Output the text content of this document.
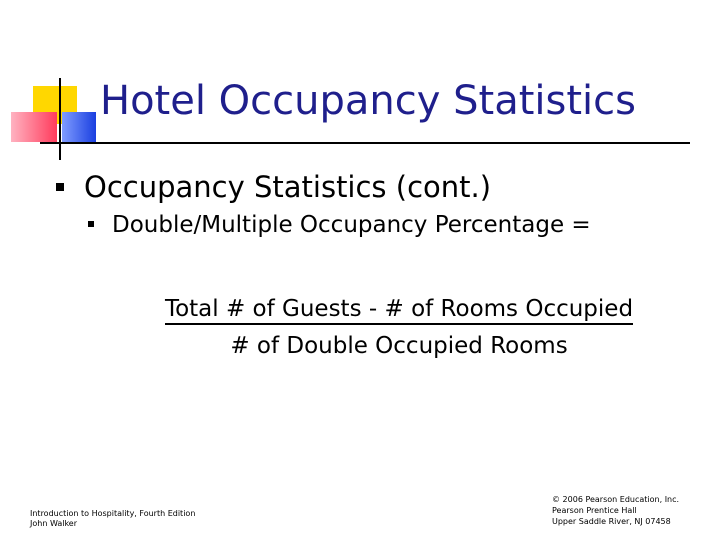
Hotel Occupancy Statistics
Occupancy Statistics (cont.)
Double/Multiple Occupancy Percentage =
Total # of Guests - # of Rooms Occupied
# of Double Occupied Rooms
Introduction to Hospitality, Fourth Edition
John Walker
© 2006 Pearson Education, Inc.
Pearson Prentice Hall
Upper Saddle River, NJ 07458
